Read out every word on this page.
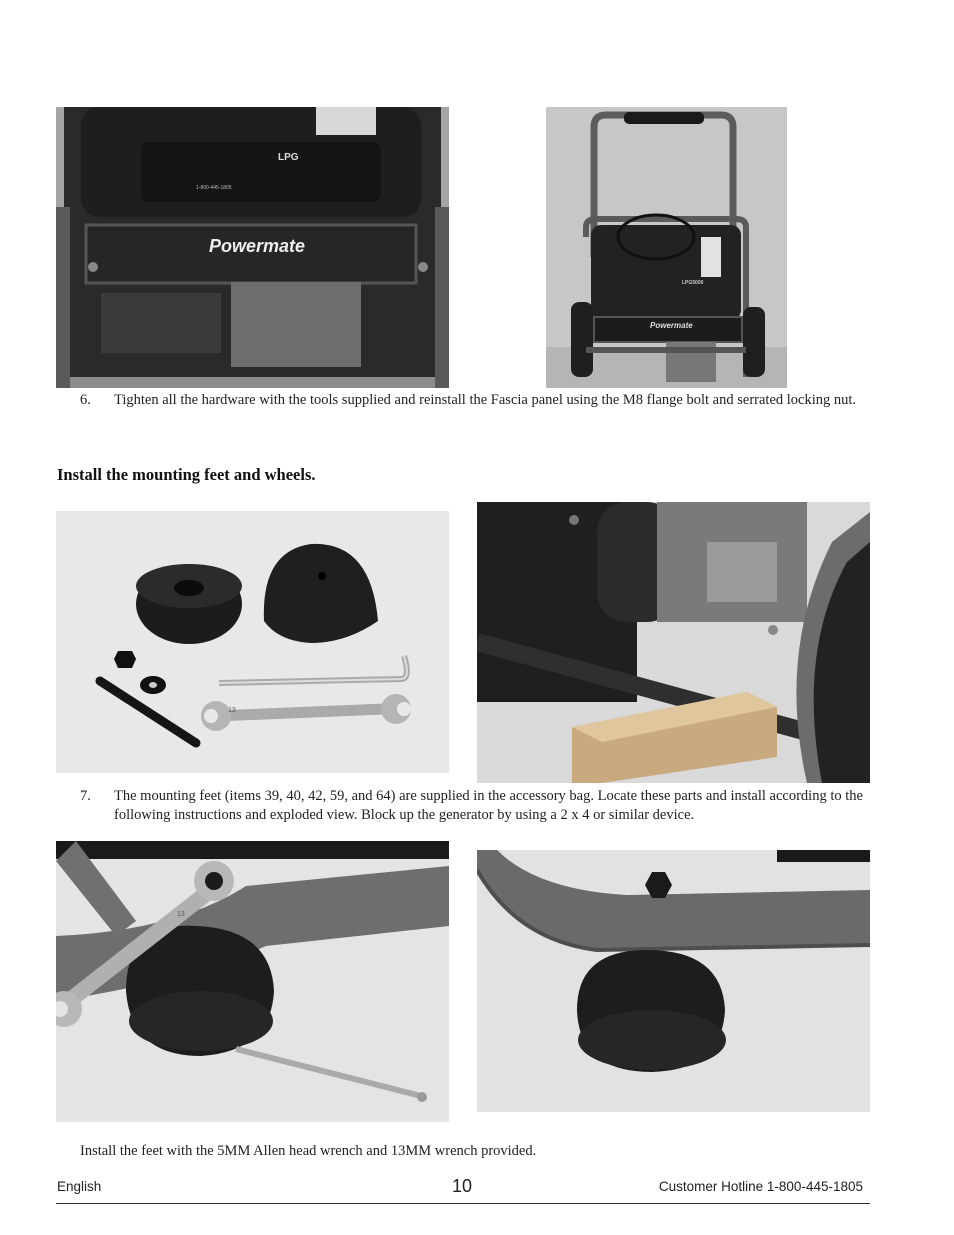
LPG
1-800-445-1805
Powermate
LPG5000
Powermate
6. Tighten all the hardware with the tools supplied and reinstall the Fascia panel using the M8 flange bolt and serrated locking nut.
Install the mounting feet and wheels.
13
7. The mounting feet (items 39, 40, 42, 59, and 64) are supplied in the accessory bag. Locate these parts and install according to the following instructions and exploded view. Block up the generator by using a 2 x 4 or similar device.
13
Install the feet with the 5MM Allen head wrench and 13MM wrench provided.
English	10	Customer Hotline 1-800-445-1805
